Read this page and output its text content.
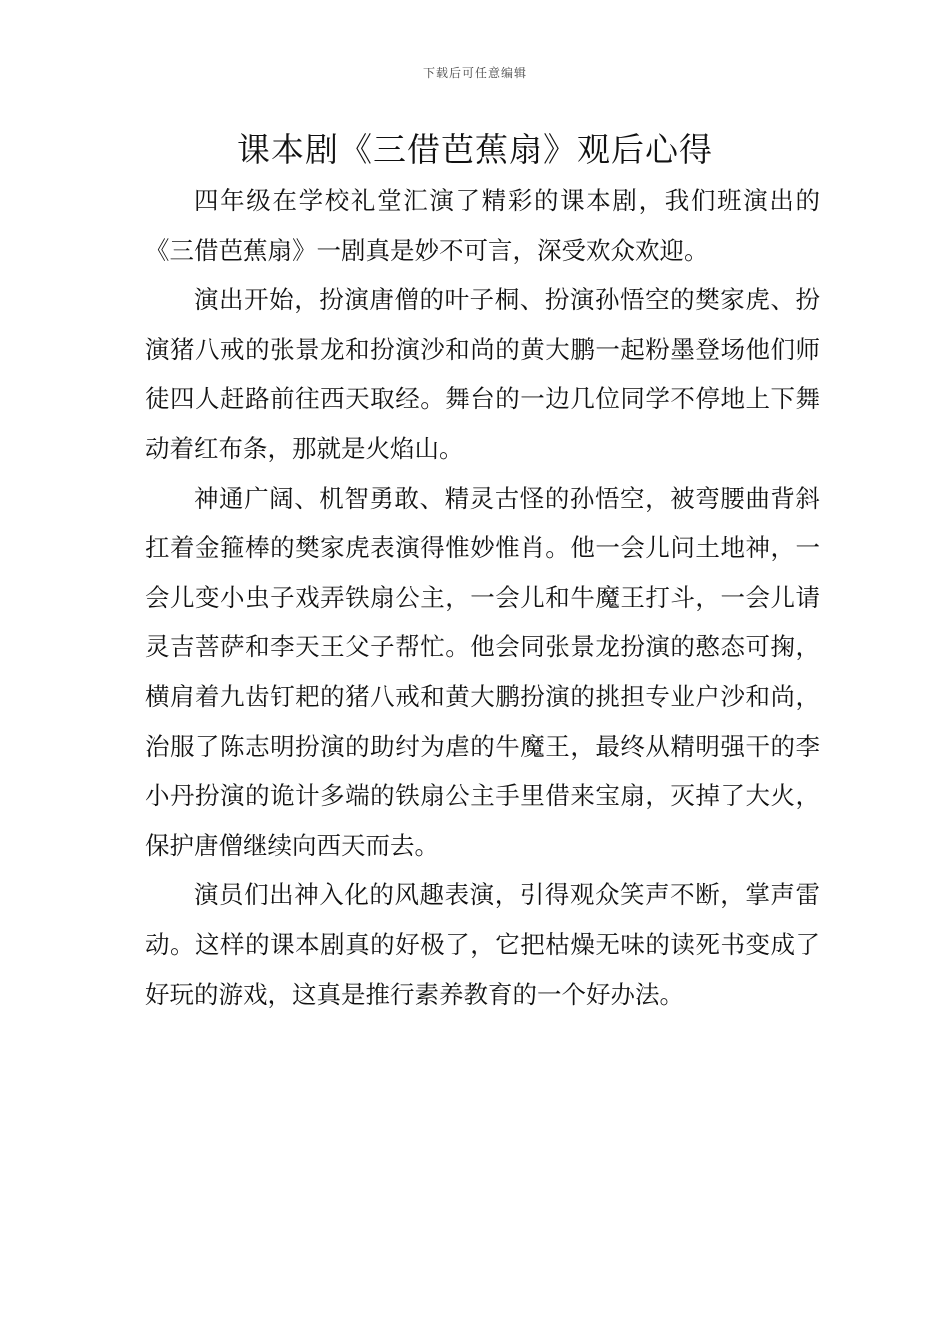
下载后可任意编辑
课本剧《三借芭蕉扇》观后心得

四年级在学校礼堂汇演了精彩的课本剧，我们班演出的《三借芭蕉扇》一剧真是妙不可言，深受欢众欢迎。

演出开始，扮演唐僧的叶子桐、扮演孙悟空的樊家虎、扮演猪八戒的张景龙和扮演沙和尚的黄大鹏一起粉墨登场他们师徒四人赶路前往西天取经。舞台的一边几位同学不停地上下舞动着红布条，那就是火焰山。

神通广阔、机智勇敢、精灵古怪的孙悟空，被弯腰曲背斜扛着金箍棒的樊家虎表演得惟妙惟肖。他一会儿问土地神，一会儿变小虫子戏弄铁扇公主，一会儿和牛魔王打斗，一会儿请灵吉菩萨和李天王父子帮忙。他会同张景龙扮演的憨态可掬，横肩着九齿钉耙的猪八戒和黄大鹏扮演的挑担专业户沙和尚，治服了陈志明扮演的助纣为虐的牛魔王，最终从精明强干的李小丹扮演的诡计多端的铁扇公主手里借来宝扇，灭掉了大火，保护唐僧继续向西天而去。

演员们出神入化的风趣表演，引得观众笑声不断，掌声雷动。这样的课本剧真的好极了，它把枯燥无味的读死书变成了好玩的游戏，这真是推行素养教育的一个好办法。
